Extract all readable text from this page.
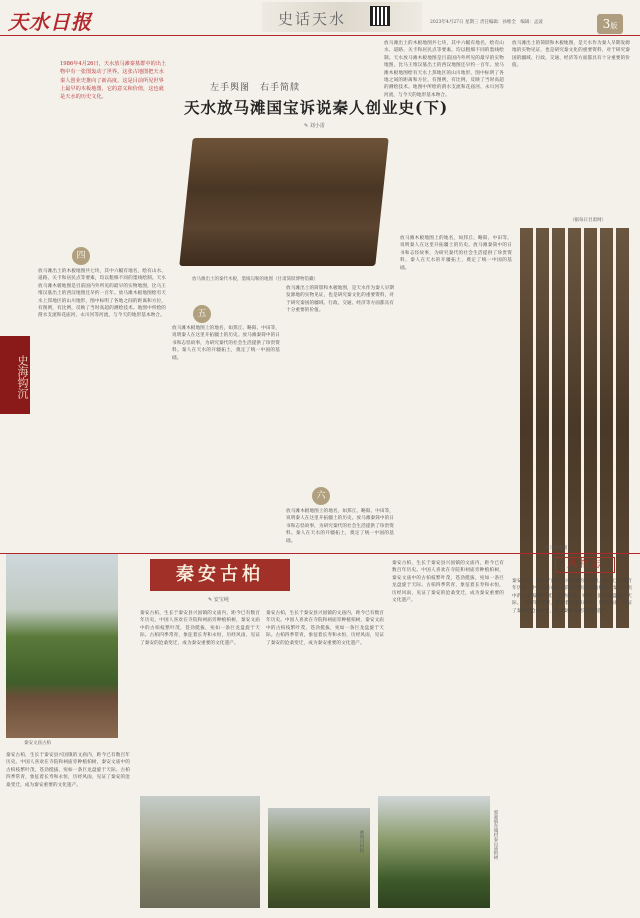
天水日报	史话天水	2023年4月27日 星期三 责任编辑：孙维全　编辑：孟波	3版
1986年4月26日，天水放马滩秦墓群中的出土物中有一张图轰动了世界。这张古地图把天水秦人创业史推向了新高度。这是目前所见世界上最早的木板地图，它的意义和价值，这也就是天水的历史文化。
左手舆图　右手简牍
天水放马滩国宝诉说秦人创业史(下)
✎ 刘小雷
放马滩出土的木板地图共七块，其中六幅有地名，绘有山水、道路、关卡和居民点等要素，均以粗细不同的墨线绘制。天水放马滩木板地图是目前国内外所见的最早的实物地图，比马王堆汉墓出土的西汉地图还早约一百年。放马滩木板地图绘有天水上邽地区的山川地形，图中标明了各地之间的距离和方位，有图例，有比例，反映了当时高超的测绘技术。地图中所绘的渭水支流和花庙河、永川河等河流，与今天的地形基本吻合。
放马滩出土的简牍和木板地图，是天水作为秦人早期发源地的实物见证，也是研究秦文化的重要资料，对于研究秦国的疆域、行政、交通、经济等方面都具有十分重要的价值。
（据每日甘肃网）
放马滩出土的秦代木板，墨线勾勒的地图（甘肃简牍博物馆藏）
四
放马滩出土的木板地图共七块，其中六幅有地名，绘有山水、道路、关卡和居民点等要素，均以粗细不同的墨线绘制。天水放马滩木板地图是目前国内外所见的最早的实物地图，比马王堆汉墓出土的西汉地图还早约一百年。放马滩木板地图绘有天水上邽地区的山川地形，图中标明了各地之间的距离和方位，有图例，有比例，反映了当时高超的测绘技术。地图中所绘的渭水支流和花庙河、永川河等河流，与今天的地形基本吻合。
史海钩沉
五
放马滩木板地图上的地名，如邽丘、略阳、中田等，说明秦人在这里开拓疆土的历史。放马滩秦简中的日书和志怪故事，为研究秦代的社会生活提供了珍贵资料。秦人在天水的开疆拓土，奠定了统一中国的基础。
放马滩出土的简牍和木板地图，是天水作为秦人早期发源地的实物见证，也是研究秦文化的重要资料，对于研究秦国的疆域、行政、交通、经济等方面都具有十分重要的价值。
六
放马滩木板地图上的地名，如邽丘、略阳、中田等，说明秦人在这里开拓疆土的历史。放马滩秦简中的日书和志怪故事，为研究秦代的社会生活提供了珍贵资料。秦人在天水的开疆拓土，奠定了统一中国的基础。
放马滩木板地图上的地名，如邽丘、略阳、中田等，说明秦人在这里开拓疆土的历史。放马滩秦简中的日书和志怪故事，为研究秦代的社会生活提供了珍贵资料。秦人在天水的开疆拓土，奠定了统一中国的基础。
放马滩秦简
秦安文庙古柏
秦安古柏，生长于秦安县兴国镇的文庙内，距今已有数百年历史。中国人喜欢在寺院和祠庙旁种植柏树，秦安文庙中的古柏枝繁叶茂，苍劲挺拔，宛如一条巨龙盘旋于天际。古柏四季常青，象征着长寿和永恒，历经风雨，见证了秦安的沧桑变迁，成为秦安重要的文化遗产。
秦安古柏
✎ 安宝纯
秦安古柏，生长于秦安县兴国镇的文庙内，距今已有数百年历史。中国人喜欢在寺院和祠庙旁种植柏树，秦安文庙中的古柏枝繁叶茂，苍劲挺拔，宛如一条巨龙盘旋于天际。古柏四季常青，象征着长寿和永恒，历经风雨，见证了秦安的沧桑变迁，成为秦安重要的文化遗产。
秦安古柏，生长于秦安县兴国镇的文庙内，距今已有数百年历史。中国人喜欢在寺院和祠庙旁种植柏树，秦安文庙中的古柏枝繁叶茂，苍劲挺拔，宛如一条巨龙盘旋于天际。古柏四季常青，象征着长寿和永恒，历经风雨，见证了秦安的沧桑变迁，成为秦安重要的文化遗产。
秦安古柏，生长于秦安县兴国镇的文庙内，距今已有数百年历史。中国人喜欢在寺院和祠庙旁种植柏树，秦安文庙中的古柏枝繁叶茂，苍劲挺拔，宛如一条巨龙盘旋于天际。古柏四季常青，象征着长寿和永恒，历经风雨，见证了秦安的沧桑变迁，成为秦安重要的文化遗产。
风物志
秦安古柏，生长于秦安县兴国镇的文庙内，距今已有数百年历史。中国人喜欢在寺院和祠庙旁种植柏树，秦安文庙中的古柏枝繁叶茂，苍劲挺拔，宛如一条巨龙盘旋于天际。古柏四季常青，象征着长寿和永恒，历经风雨，见证了秦安的沧桑变迁，成为秦安重要的文化遗产。
神明川村柏	郭嘉镇东城村泰山庙柏树
